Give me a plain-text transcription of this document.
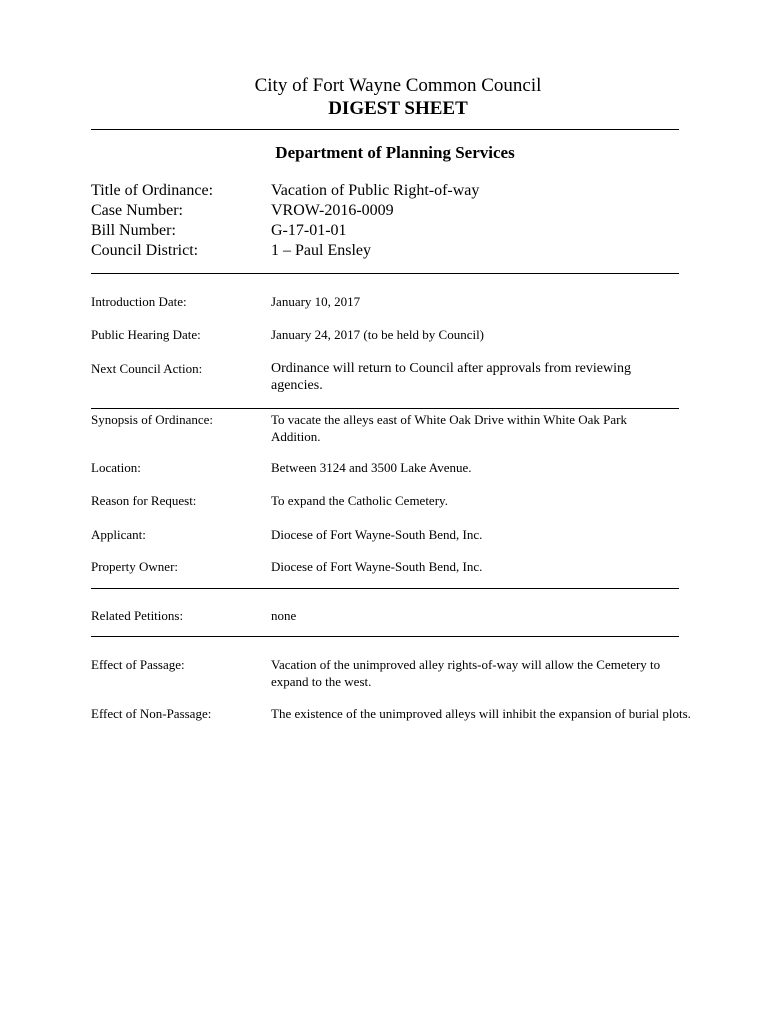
City of Fort Wayne Common Council
DIGEST SHEET
Department of Planning Services
Title of Ordinance:	Vacation of Public Right-of-way
Case Number:	VROW-2016-0009
Bill Number:	G-17-01-01
Council District:	1 – Paul Ensley
Introduction Date:	January 10, 2017
Public Hearing Date:	January 24, 2017 (to be held by Council)
Next Council Action:	Ordinance will return to Council after approvals from reviewing agencies.
Synopsis of Ordinance:	To vacate the alleys east of White Oak Drive within White Oak Park Addition.
Location:	Between 3124 and 3500 Lake Avenue.
Reason for Request:	To expand the Catholic Cemetery.
Applicant:	Diocese of Fort Wayne-South Bend, Inc.
Property Owner:	Diocese of Fort Wayne-South Bend, Inc.
Related Petitions:	none
Effect of Passage:	Vacation of the unimproved alley rights-of-way will allow the Cemetery to expand to the west.
Effect of Non-Passage:	The existence of the unimproved alleys will inhibit the expansion of burial plots.
